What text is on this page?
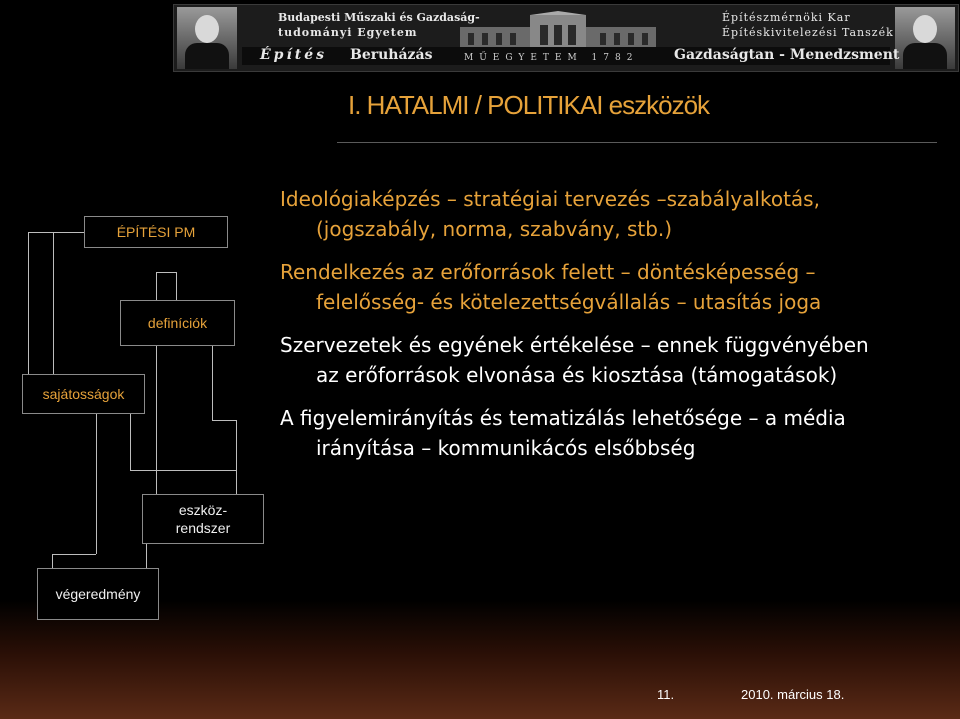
Budapesti Műszaki és Gazdaság-
tudományi Egyetem
Építés Beruházás	MŰEGYETEM 1782
Építészmérnöki Kar
Építéskivitelezési Tanszék
Gazdaságtan - Menedzsment
I. HATALMI / POLITIKAI eszközök
ÉPÍTÉSI PM
definíciók
sajátosságok
eszköz-
rendszer
végeredmény
Ideológiaképzés – stratégiai tervezés –szabályalkotás,
(jogszabály, norma, szabvány, stb.)
Rendelkezés az erőforrások felett – döntésképesség –
felelősség- és kötelezettségvállalás – utasítás joga
Szervezetek és egyének értékelése – ennek függvényében
az erőforrások elvonása és kiosztása (támogatások)
A figyelemirányítás és tematizálás lehetősége – a média
irányítása – kommunikácós elsőbbség
11.	2010. március 18.
